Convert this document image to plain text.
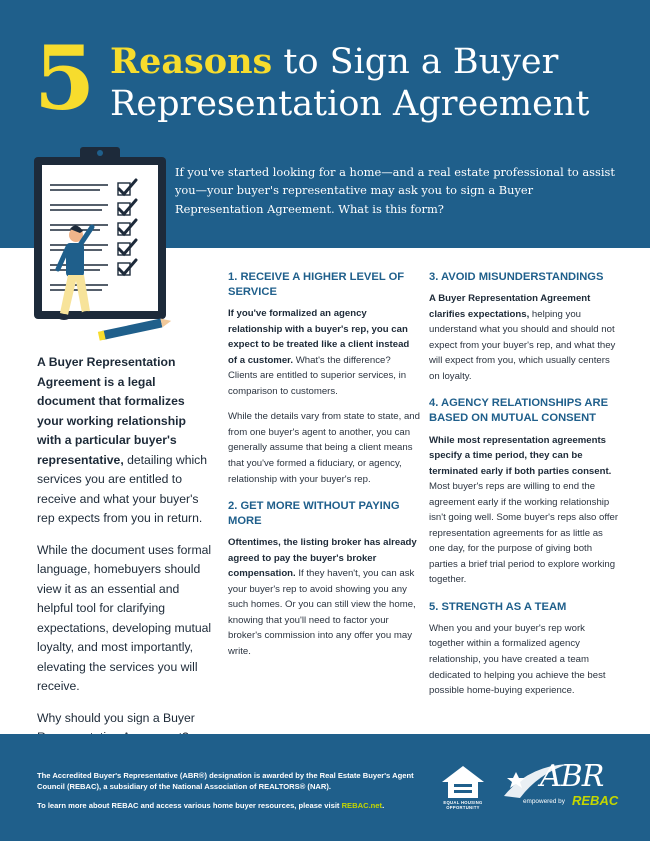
5 Reasons to Sign a Buyer
Representation Agreement
If you've started looking for a home—and a real estate professional to assist you—your buyer's representative may ask you to sign a Buyer Representation Agreement. What is this form?

A Buyer Representation Agreement is a legal document that formalizes your working relationship with a particular buyer's representative, detailing which services you are entitled to receive and what your buyer's rep expects from you in return.

While the document uses formal language, homebuyers should view it as an essential and helpful tool for clarifying expectations, developing mutual loyalty, and most importantly, elevating the services you will receive.

Why should you sign a Buyer

1. RECEIVE A HIGHER LEVEL OF SERVICE

If you've formalized an agency relationship with a buyer's rep, you can expect to be treated like a client instead of a customer. What's the difference? Clients are entitled to superior services, in comparison to customers.

While the details vary from state to state, and from one buyer's agent to another, you can generally assume that being a client means that you've formed a fiduciary, or agency, relationship with your buyer's rep.

2. GET MORE WITHOUT PAYING MORE

Oftentimes, the listing broker has already agreed to pay the buyer's broker compensation. If they haven't, you can ask your buyer's rep to avoid showing you any such homes. Or you can still view the home, knowing that you'll need to factor your broker's commission into any offer you may write.

3. AVOID MISUNDERSTANDINGS

A Buyer Representation Agreement clarifies expectations, helping you understand what you should and should not expect from your buyer's rep, and what they will expect from you, which usually centers on loyalty.

4. AGENCY RELATIONSHIPS ARE BASED ON MUTUAL CONSENT

While most representation agreements specify a time period, they can be terminated early if both parties consent. Most buyer's reps are willing to end the agreement early if the working relationship isn't going well. Some buyer's reps also offer representation agreements for as little as one day, for the purpose of giving both parties a brief trial period to explore working together.

5. STRENGTH AS A TEAM

When you and your buyer's rep work together within a formalized agency relationship, you have created a team dedicated to helping you achieve the best possible home-buying experience.

The Accredited Buyer's Representative (ABR®) designation is awarded by the Real Estate Buyer's Agent Council (REBAC), a subsidiary of the National Association of REALTORS® (NAR).

To learn more about REBAC and access various home buyer resources, please visit REBAC.net.	EQUAL HOUSING OPPORTUNITY
ABR
empowered by REBAC
